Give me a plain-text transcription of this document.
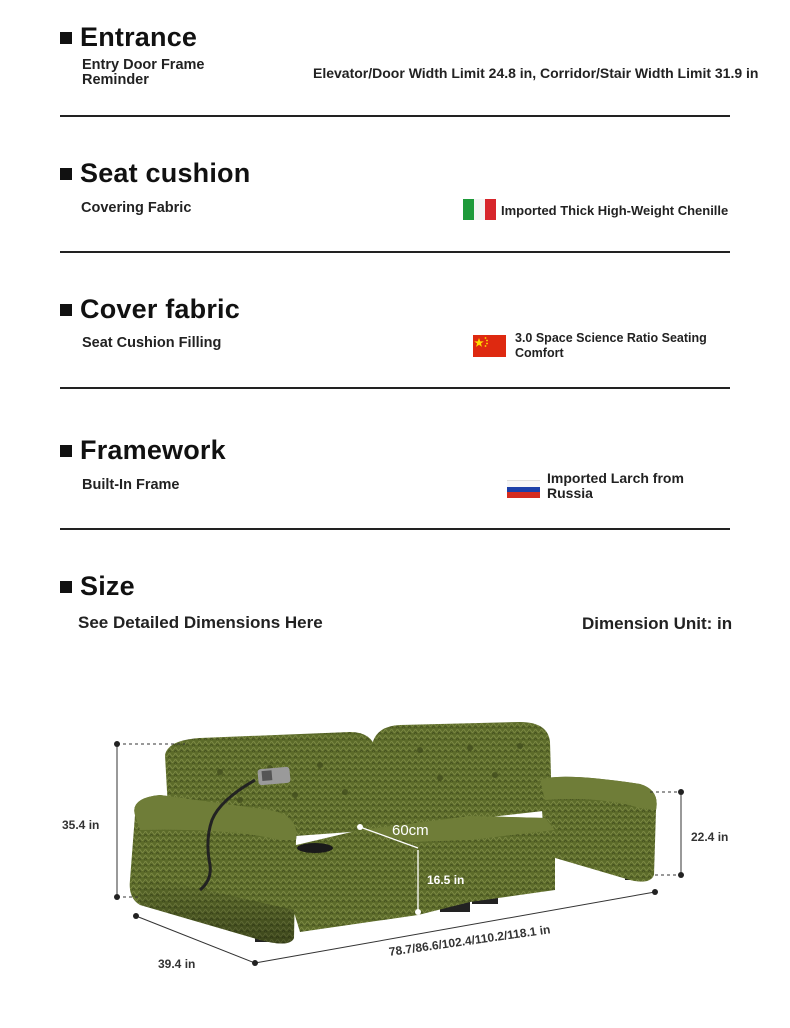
Entrance
Entry Door Frame
Reminder	Elevator/Door Width Limit 24.8 in, Corridor/Stair Width Limit 31.9 in
Seat cushion
Covering Fabric	Imported Thick High-Weight Chenille
Cover fabric
Seat Cushion Filling	3.0 Space Science Ratio Seating
Comfort
Framework
Built-In Frame	Imported Larch from
Russia
Size
See Detailed Dimensions Here	Dimension Unit: in
35.4 in
39.4 in
78.7/86.6/102.4/110.2/118.1 in
22.4 in
16.5 in
60cm
